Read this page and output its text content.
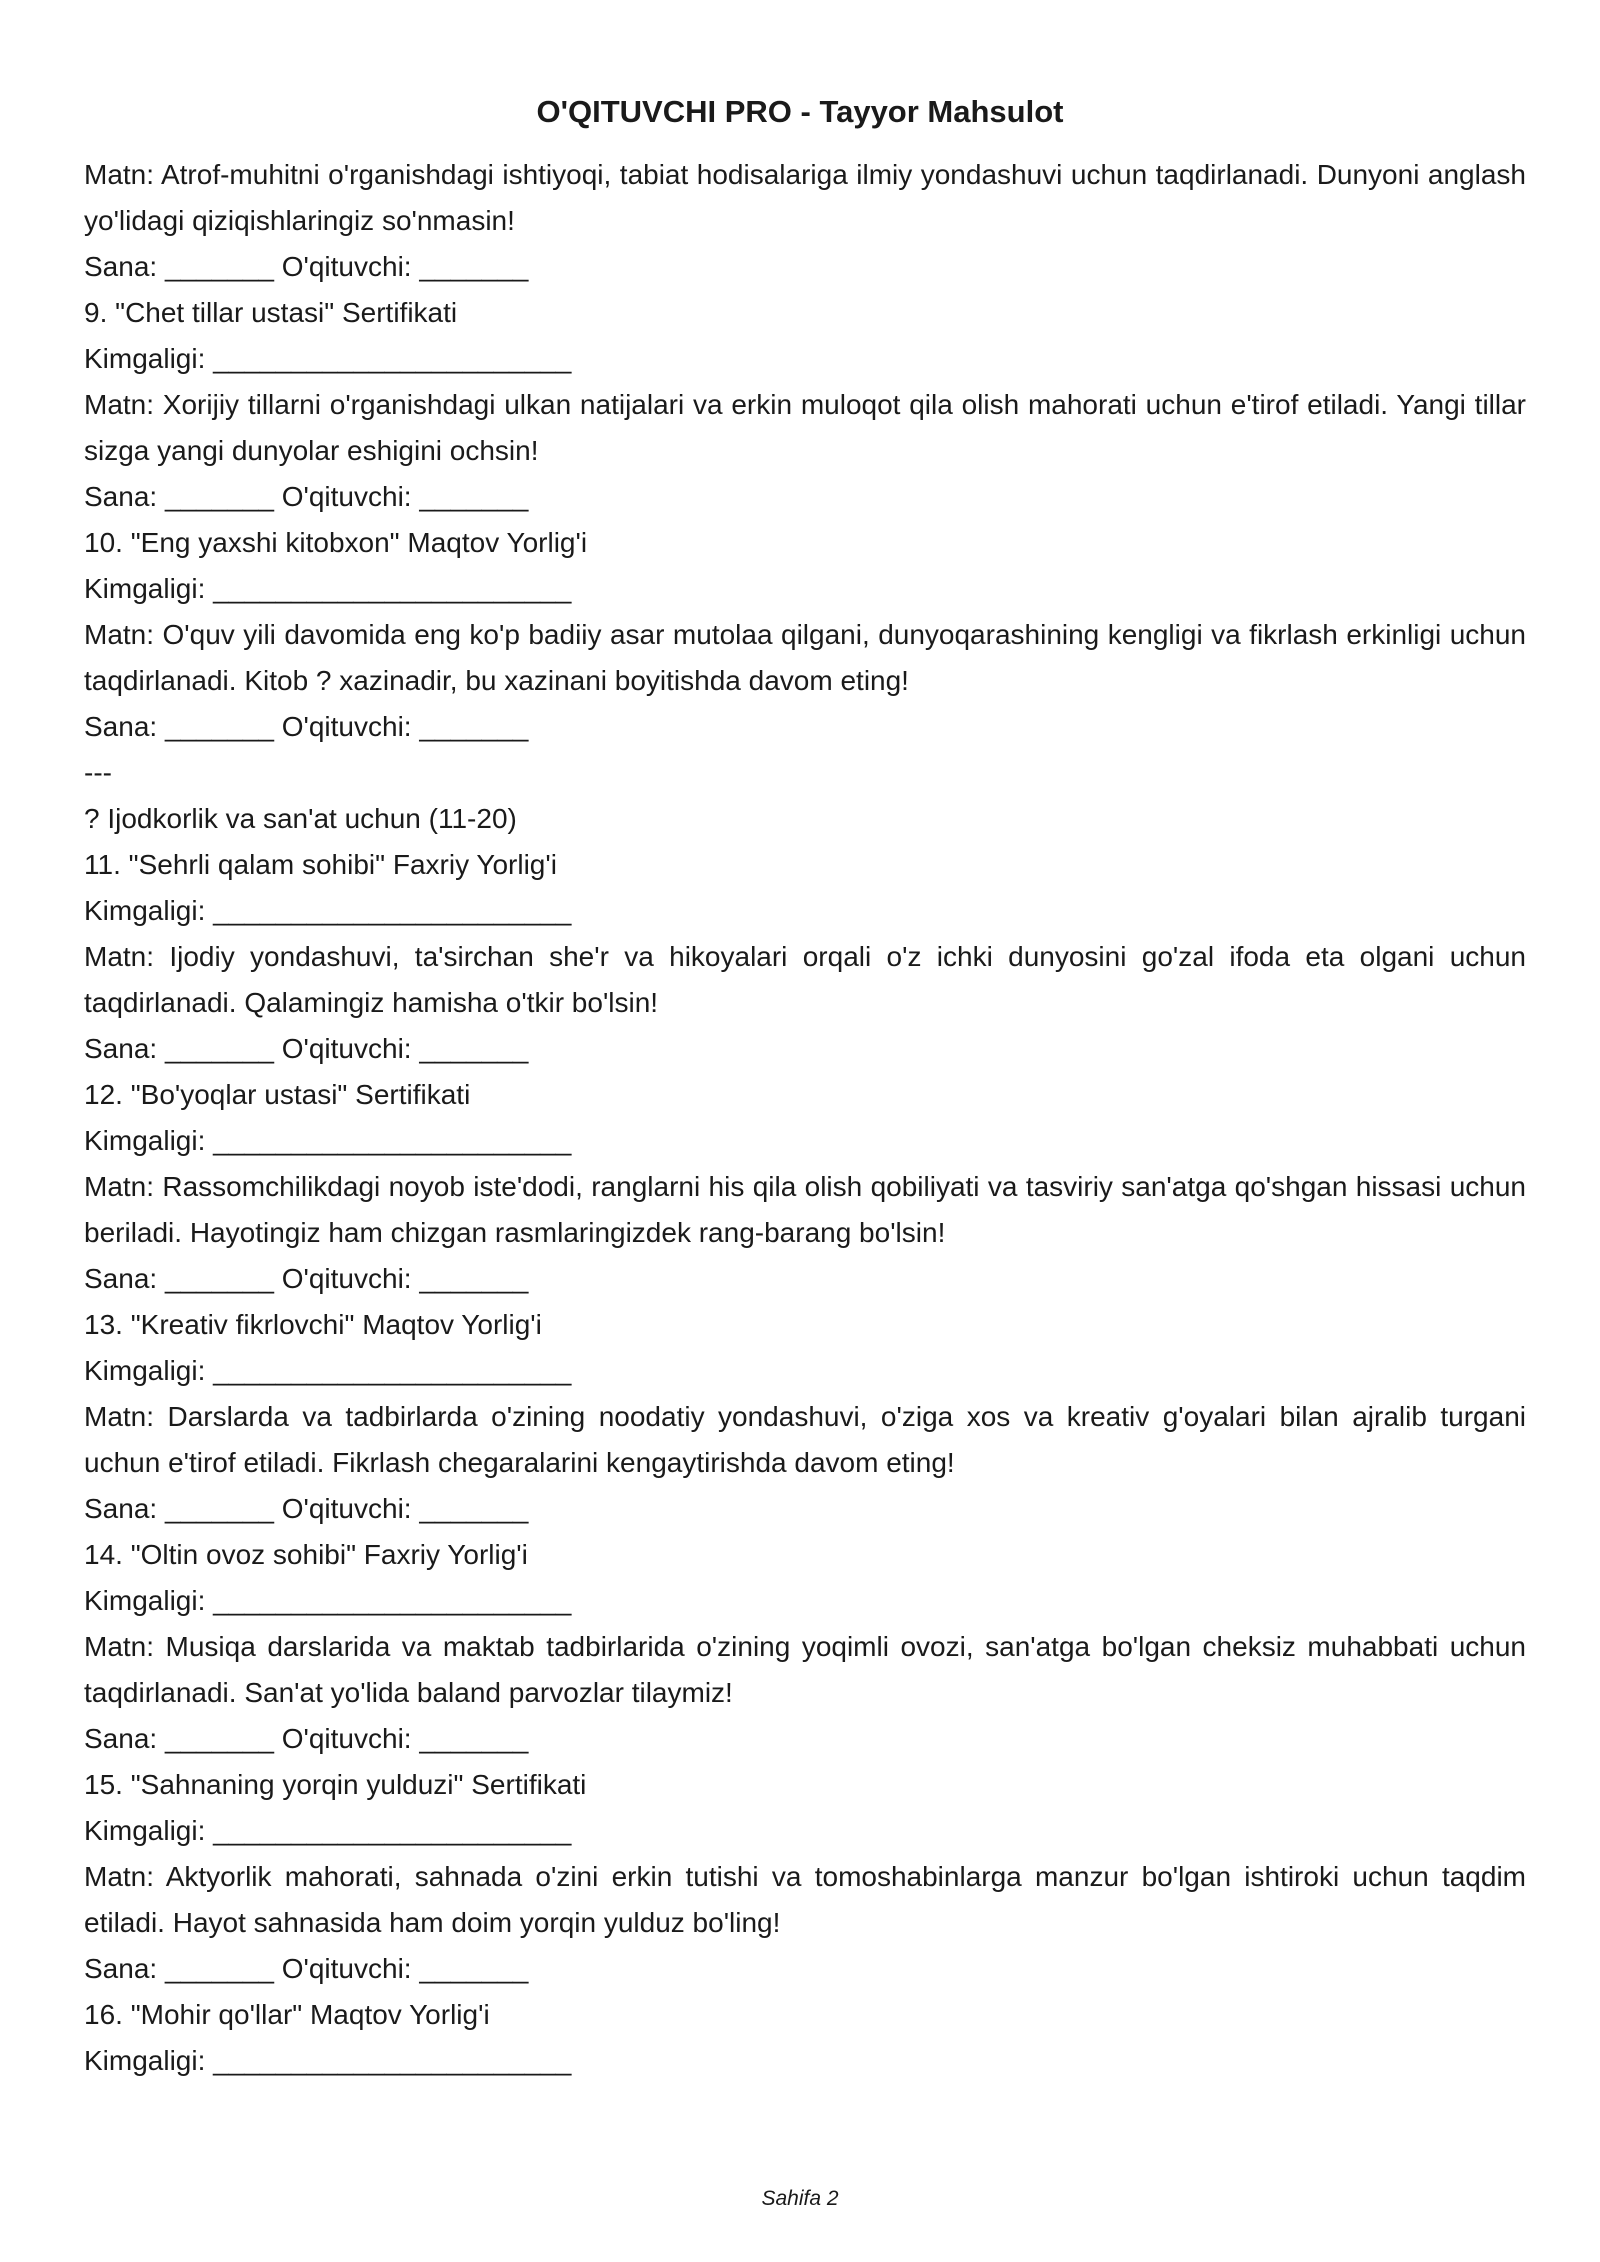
O'QITUVCHI PRO - Tayyor Mahsulot

Matn: Atrof-muhitni o'rganishdagi ishtiyoqi, tabiat hodisalariga ilmiy yondashuvi uchun taqdirlanadi. Dunyoni anglash yo'lidagi qiziqishlaringiz so'nmasin!

Sana: _______ O'qituvchi: _______

9. "Chet tillar ustasi" Sertifikati

Kimgaligi: _______________________

Matn: Xorijiy tillarni o'rganishdagi ulkan natijalari va erkin muloqot qila olish mahorati uchun e'tirof etiladi. Yangi tillar sizga yangi dunyolar eshigini ochsin!

Sana: _______ O'qituvchi: _______

10. "Eng yaxshi kitobxon" Maqtov Yorlig'i

Kimgaligi: _______________________

Matn: O'quv yili davomida eng ko'p badiiy asar mutolaa qilgani, dunyoqarashining kengligi va fikrlash erkinligi uchun taqdirlanadi. Kitob ? xazinadir, bu xazinani boyitishda davom eting!

Sana: _______ O'qituvchi: _______

---

? Ijodkorlik va san'at uchun (11-20)

11. "Sehrli qalam sohibi" Faxriy Yorlig'i

Kimgaligi: _______________________

Matn: Ijodiy yondashuvi, ta'sirchan she'r va hikoyalari orqali o'z ichki dunyosini go'zal ifoda eta olgani uchun taqdirlanadi. Qalamingiz hamisha o'tkir bo'lsin!

Sana: _______ O'qituvchi: _______

12. "Bo'yoqlar ustasi" Sertifikati

Kimgaligi: _______________________

Matn: Rassomchilikdagi noyob iste'dodi, ranglarni his qila olish qobiliyati va tasviriy san'atga qo'shgan hissasi uchun beriladi. Hayotingiz ham chizgan rasmlaringizdek rang-barang bo'lsin!

Sana: _______ O'qituvchi: _______

13. "Kreativ fikrlovchi" Maqtov Yorlig'i

Kimgaligi: _______________________

Matn: Darslarda va tadbirlarda o'zining noodatiy yondashuvi, o'ziga xos va kreativ g'oyalari bilan ajralib turgani uchun e'tirof etiladi. Fikrlash chegaralarini kengaytirishda davom eting!

Sana: _______ O'qituvchi: _______

14. "Oltin ovoz sohibi" Faxriy Yorlig'i

Kimgaligi: _______________________

Matn: Musiqa darslarida va maktab tadbirlarida o'zining yoqimli ovozi, san'atga bo'lgan cheksiz muhabbati uchun taqdirlanadi. San'at yo'lida baland parvozlar tilaymiz!

Sana: _______ O'qituvchi: _______

15. "Sahnaning yorqin yulduzi" Sertifikati

Kimgaligi: _______________________

Matn: Aktyorlik mahorati, sahnada o'zini erkin tutishi va tomoshabinlarga manzur bo'lgan ishtiroki uchun taqdim etiladi. Hayot sahnasida ham doim yorqin yulduz bo'ling!

Sana: _______ O'qituvchi: _______

16. "Mohir qo'llar" Maqtov Yorlig'i

Kimgaligi: _______________________

Sahifa 2
